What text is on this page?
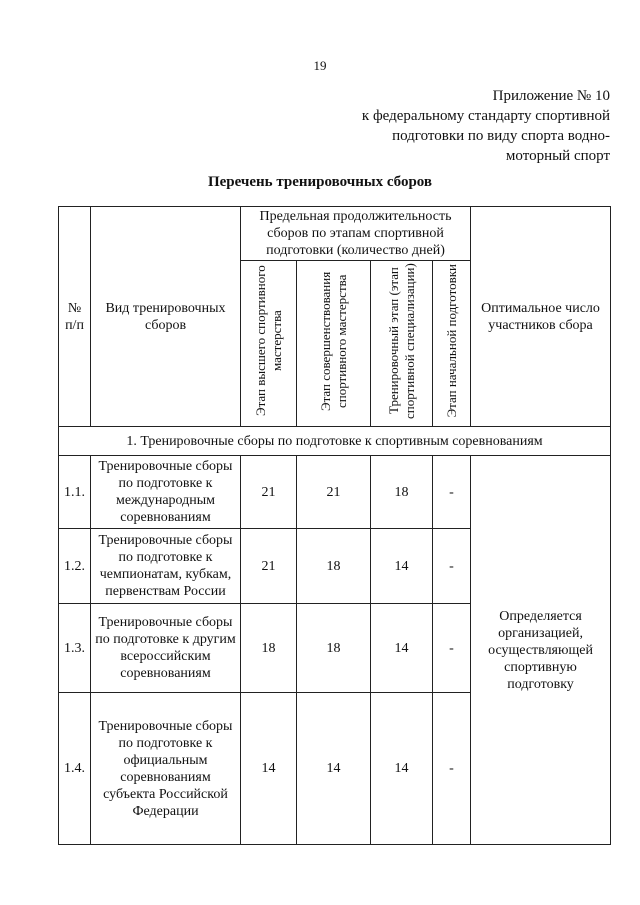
19
Приложение № 10
к федеральному стандарту спортивной
подготовки по виду спорта водно-
моторный спорт
Перечень тренировочных сборов
№ п/п	Вид тренировочных сборов	Предельная продолжительность сборов по этапам спортивной подготовки (количество дней)				Оптимальное число участников сбора
		Этап высшего спортивного мастерства	Этап совершенствования спортивного мастерства	Тренировочный этап (этап спортивной специализации)	Этап начальной подготовки	
1. Тренировочные сборы по подготовке к спортивным соревнованиям						
1.1.	Тренировочные сборы по подготовке к международным соревнованиям	21	21	18	-	Определяется организацией, осуществляющей спортивную подготовку
1.2.	Тренировочные сборы по подготовке к чемпионатам, кубкам, первенствам России	21	18	14	-	
1.3.	Тренировочные сборы по подготовке к другим всероссийским соревнованиям	18	18	14	-	
1.4.	Тренировочные сборы по подготовке к официальным соревнованиям субъекта Российской Федерации	14	14	14	-	
